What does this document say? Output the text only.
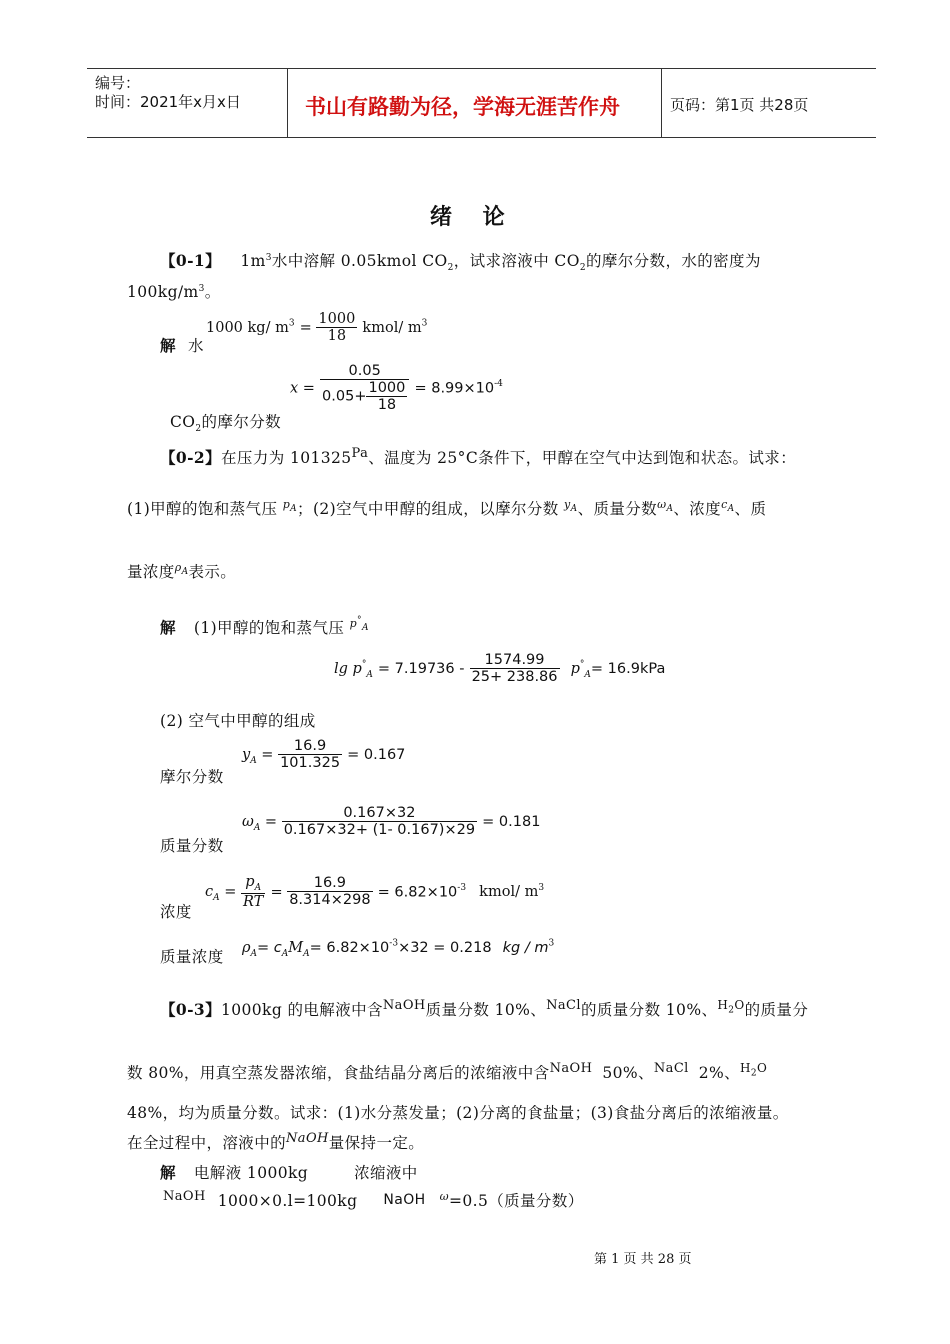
编号：
时间：2021年x月x日	书山有路勤为径，学海无涯苦作舟	页码：第1页 共28页
绪    论
【0-1】 $1m^3$水中溶解 0.05kmol $CO_2$，试求溶液中 $CO_2$的摩尔分数，水的密度为
$100kg/m^3$。
解 水
1000 kg/ $m^3 = \frac{1000}{18}$ kmol/ $m^3$
$x = \frac{0.05}{0.05+ \frac{1000}{18}} = 8.99\times 10^{-4}$
$CO_2$的摩尔分数
【0-2】在压力为 $101325^{Pa}$、温度为 25°C条件下，甲醇在空气中达到饱和状态。试求：
(1)甲醇的饱和蒸气压 $^{p_A}$；(2)空气中甲醇的组成，以摩尔分数 $^{y_A}$、质量分数$^{\omega_A}$、浓度$^{c_A}$、质
量浓度$^{\rho_A}$表示。
解 (1)甲醇的饱和蒸气压 $^{p^\circ_A}$
$\lg p^\circ_A = 7.19736 - \frac{1574.99}{25+ 238.86} p^\circ_A= 16.9kPa$
(2) 空气中甲醇的组成
摩尔分数
$y_A = \frac{16.9}{101.325} = 0.167$
质量分数
$\omega_A = \frac{0.167\times 32}{0.167\times 32+ (1- 0.167)\times 29} = 0.181$
浓度
$c_A = \frac{p_A}{RT} = \frac{16.9}{8.314\times 298} = 6.82\times 10^{-3}$ kmol/ $m^3$
质量浓度 $\rho_A= c_AM_A= 6.82\times 10^{-3}\times 32 = 0.218$ kg / $m^3$
【0-3】1000kg 的电解液中含$^{NaOH}$质量分数 10%、$^{NaCl}$的质量分数 10%、$^{H_2O}$的质量分
数 80%，用真空蒸发器浓缩，食盐结晶分离后的浓缩液中含$^{NaOH}$ 50%、$^{NaCl}$ 2%、$^{H_2O}$
48%，均为质量分数。试求：(1)水分蒸发量；(2)分离的食盐量；(3)食盐分离后的浓缩液量。
在全过程中，溶液中的$^{NaOH}$量保持一定。
解 电解液 1000kg	浓缩液中
$^{NaOH}$ 1000×0.l=100kg NaOH $^\omega$=0.5（质量分数）
第 1 页 共 28 页
